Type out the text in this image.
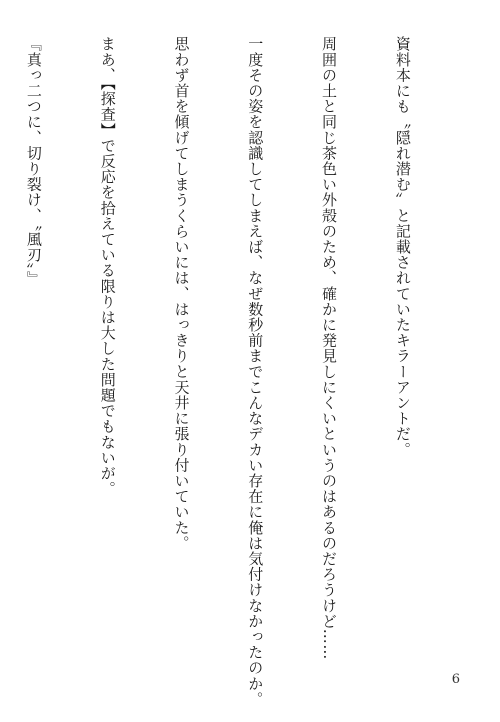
資料本にも〝隠れ潜む〟と記載されていたキラーアントだ。

周囲の土と同じ茶色い外殻のため、確かに発見しにくいというのはあるのだろうけど……

一度その姿を認識してしまえば、なぜ数秒前までこんなデカい存在に俺は気付けなかったのか。

思わず首を傾げてしまうくらいには、はっきりと天井に張り付いていた。

まあ、【探査】で反応を拾えている限りは大した問題でもないが。

『真っ二つに、切り裂け、〝風刃〟』

6
